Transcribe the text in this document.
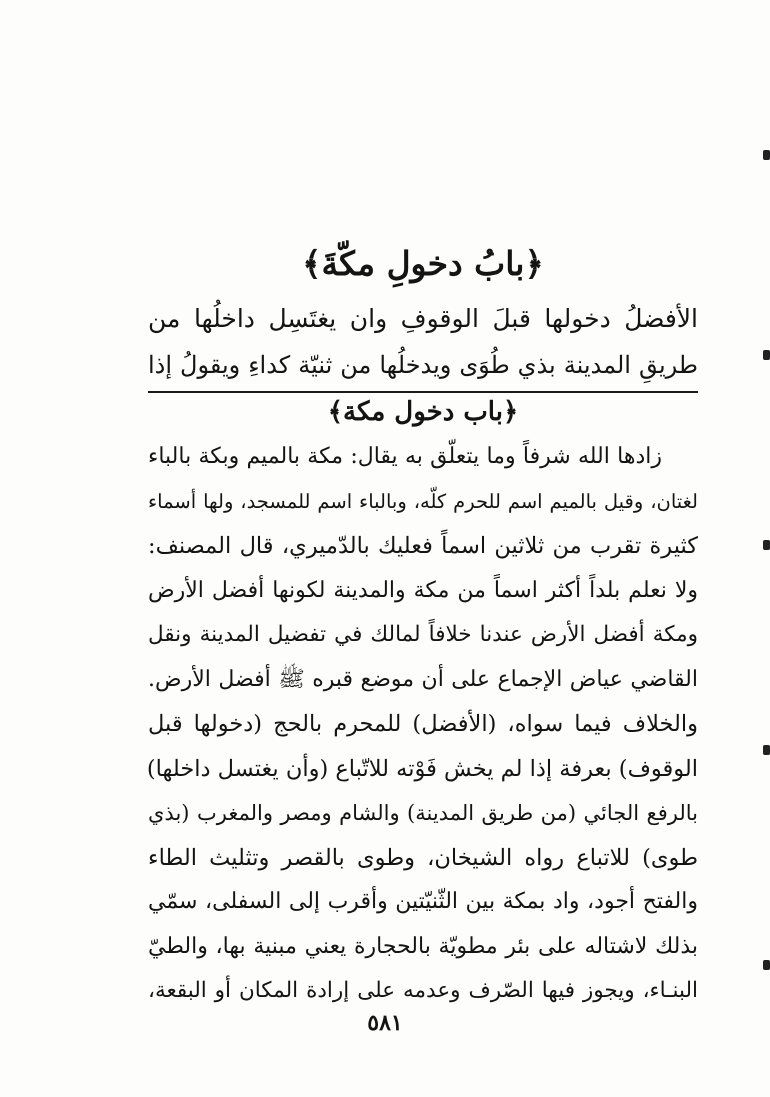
﴿بابُ دخولِ مكّةَ﴾
الأفضلُ دخولها قبلَ الوقوفِ وان يغتَسِل داخلُها من
طريقِ المدينة بذي طُوَى ويدخلُها من ثنيّة كداءِ ويقولُ إذا
﴿باب دخول مكة﴾
زادها الله شرفاً وما يتعلّق به يقال: مكة بالميم وبكة بالباء
لغتان، وقيل بالميم اسم للحرم كلّه، وبالباء اسم للمسجد، ولها أسماء
كثيرة تقرب من ثلاثين اسماً فعليك بالدّميري، قال المصنف:
ولا نعلم بلداً أكثر اسماً من مكة والمدينة لكونها أفضل الأرض
ومكة أفضل الأرض عندنا خلافاً لمالك في تفضيل المدينة ونقل
القاضي عياض الإجماع على أن موضع قبره ﷺ أفضل الأرض.
والخلاف فيما سواه، (الأفضل) للمحرم بالحج (دخولها قبل
الوقوف) بعرفة إذا لم يخش فَوْته للاتّباع (وأن يغتسل داخلها)
بالرفع الجائي (من طريق المدينة) والشام ومصر والمغرب (بذي
طوى) للاتباع رواه الشيخان، وطوى بالقصر وتثليث الطاء
والفتح أجود، واد بمكة بين الثّنيّتين وأقرب إلى السفلى، سمّي
بذلك لاشتاله على بئر مطويّة بالحجارة يعني مبنية بها، والطيّ
البنـاء، ويجوز فيها الصّرف وعدمه على إرادة المكان أو البقعة،
٥٨١
